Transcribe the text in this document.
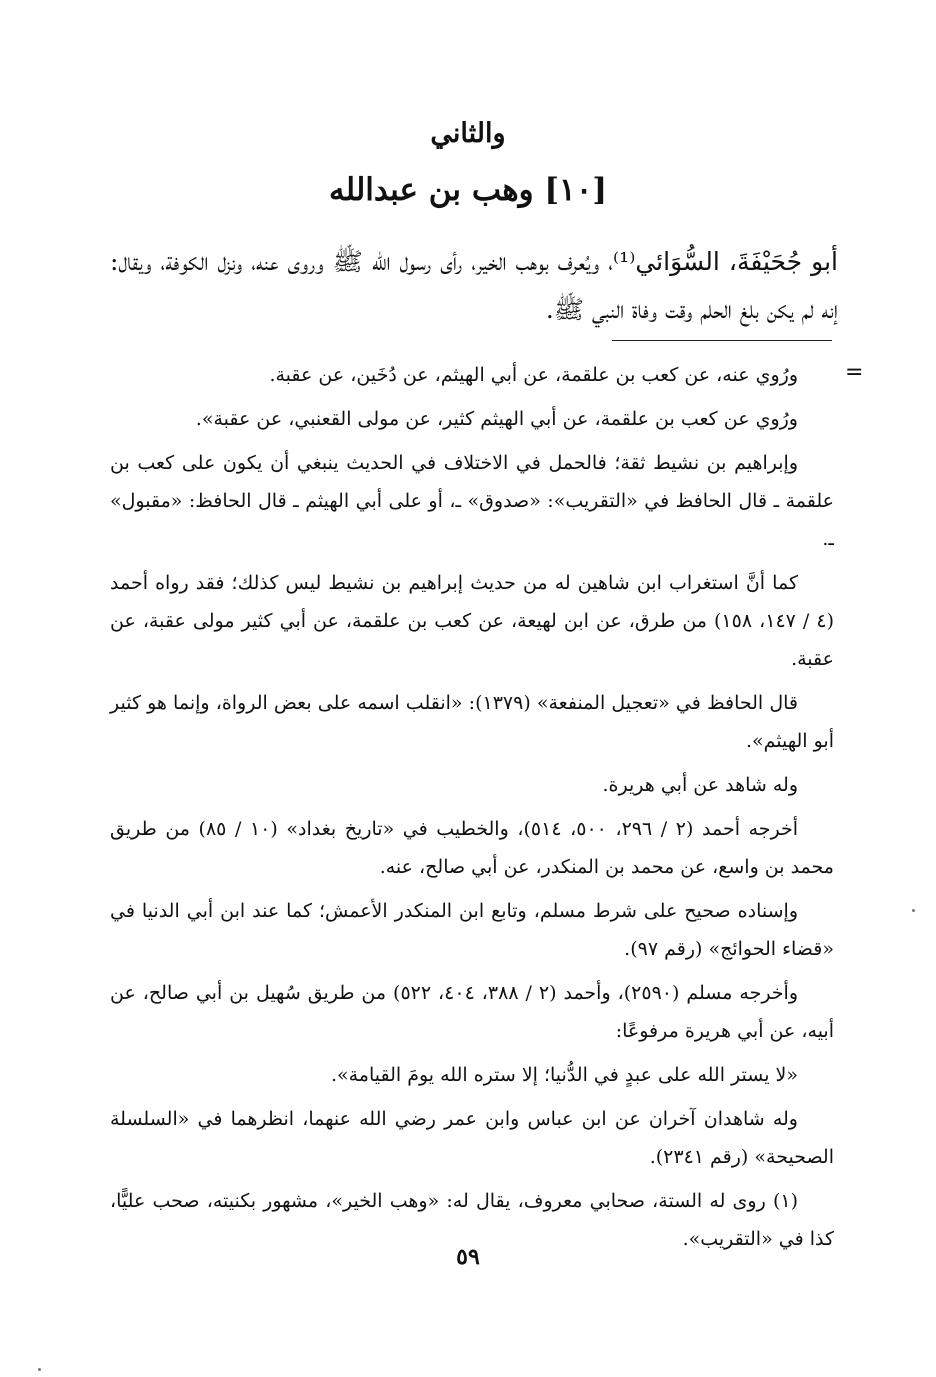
والثاني
[١٠] وهب بن عبدالله
أبو جُحَيْفَةَ، السُّوَائي⁽¹⁾، ويُعرف بوهب الخير، رأى رسول الله ﷺ وروى عنه، ونزل الكوفة، ويقال: إنه لم يكن بلغ الحلم وقت وفاة النبي ﷺ.
=

ورُوي عنه، عن كعب بن علقمة، عن أبي الهيثم، عن دُخَين، عن عقبة.

ورُوي عن كعب بن علقمة، عن أبي الهيثم كثير، عن مولى القعنبي، عن عقبة».

وإبراهيم بن نشيط ثقة؛ فالحمل في الاختلاف في الحديث ينبغي أن يكون على كعب بن علقمة ـ قال الحافظ في «التقريب»: «صدوق» ـ، أو على أبي الهيثم ـ قال الحافظ: «مقبول» ـ.

كما أنَّ استغراب ابن شاهين له من حديث إبراهيم بن نشيط ليس كذلك؛ فقد رواه أحمد (٤ / ١٤٧، ١٥٨) من طرق، عن ابن لهيعة، عن كعب بن علقمة، عن أبي كثير مولى عقبة، عن عقبة.

قال الحافظ في «تعجيل المنفعة» (١٣٧٩): «انقلب اسمه على بعض الرواة، وإنما هو كثير أبو الهيثم».

وله شاهد عن أبي هريرة.

أخرجه أحمد (٢ / ٢٩٦، ٥٠٠، ٥١٤)، والخطيب في «تاريخ بغداد» (١٠ / ٨٥) من طريق محمد بن واسع، عن محمد بن المنكدر، عن أبي صالح، عنه.

وإسناده صحيح على شرط مسلم، وتابع ابن المنكدر الأعمش؛ كما عند ابن أبي الدنيا في «قضاء الحوائج» (رقم ٩٧).

وأخرجه مسلم (٢٥٩٠)، وأحمد (٢ / ٣٨٨، ٤٠٤، ٥٢٢) من طريق سُهيل بن أبي صالح، عن أبيه، عن أبي هريرة مرفوعًا:

«لا يستر الله على عبدٍ في الدُّنيا؛ إلا ستره الله يومَ القيامة».

وله شاهدان آخران عن ابن عباس وابن عمر رضي الله عنهما، انظرهما في «السلسلة الصحيحة» (رقم ٢٣٤١).

(١) روى له الستة، صحابي معروف، يقال له: «وهب الخير»، مشهور بكنيته، صحب عليًّا، كذا في «التقريب».

٥٩
